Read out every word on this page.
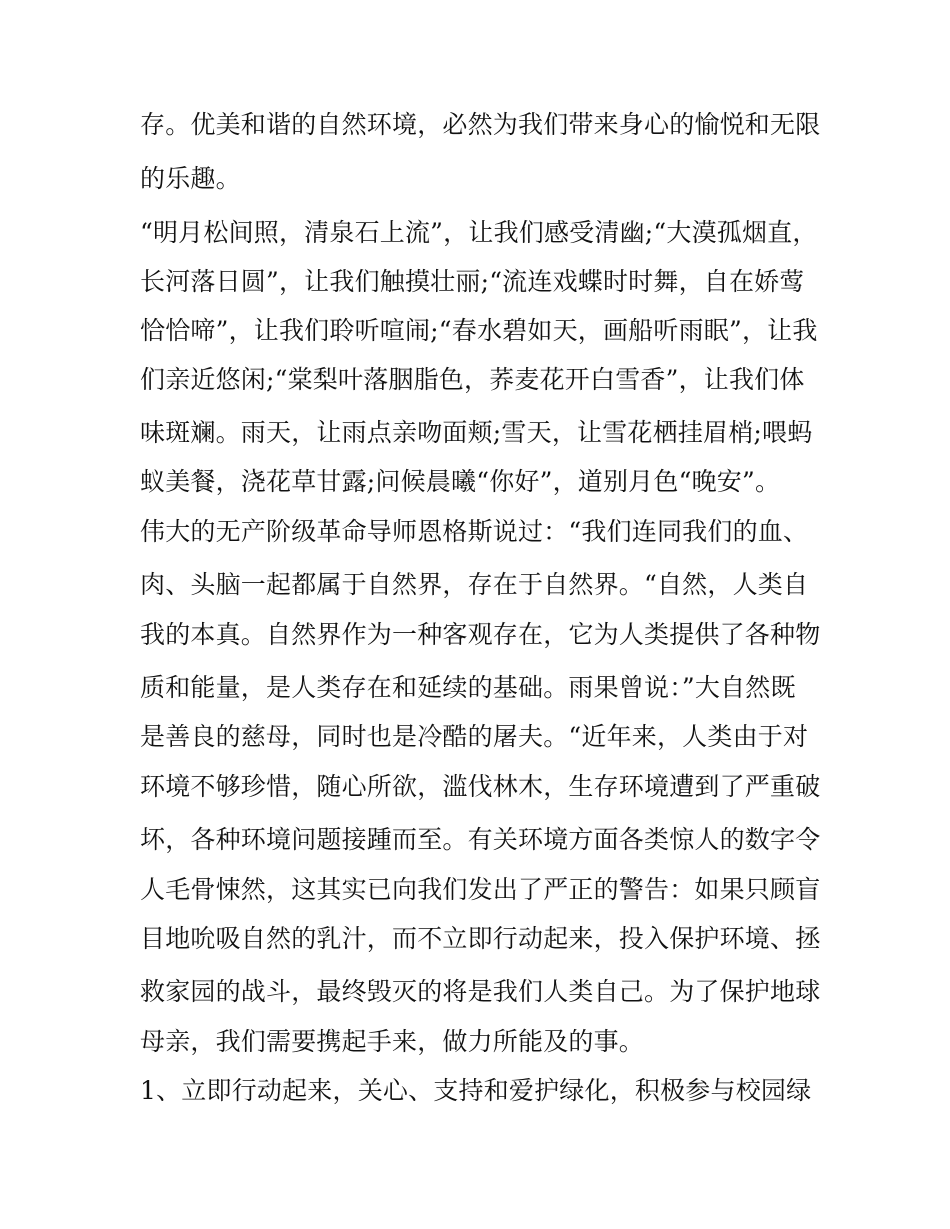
存。优美和谐的自然环境，必然为我们带来身心的愉悦和无限
的乐趣。
“明月松间照，清泉石上流”，让我们感受清幽;“大漠孤烟直，
长河落日圆”，让我们触摸壮丽;“流连戏蝶时时舞，自在娇莺
恰恰啼”，让我们聆听喧闹;“春水碧如天，画船听雨眠”，让我
们亲近悠闲;“棠梨叶落胭脂色，荞麦花开白雪香”，让我们体
味斑斓。雨天，让雨点亲吻面颊;雪天，让雪花栖挂眉梢;喂蚂
蚁美餐，浇花草甘露;问候晨曦“你好”，道别月色“晚安”。
伟大的无产阶级革命导师恩格斯说过：“我们连同我们的血、
肉、头脑一起都属于自然界，存在于自然界。“自然，人类自
我的本真。自然界作为一种客观存在，它为人类提供了各种物
质和能量，是人类存在和延续的基础。雨果曾说：”大自然既
是善良的慈母，同时也是冷酷的屠夫。“近年来，人类由于对
环境不够珍惜，随心所欲，滥伐林木，生存环境遭到了严重破
坏，各种环境问题接踵而至。有关环境方面各类惊人的数字令
人毛骨悚然，这其实已向我们发出了严正的警告：如果只顾盲
目地吮吸自然的乳汁，而不立即行动起来，投入保护环境、拯
救家园的战斗，最终毁灭的将是我们人类自己。为了保护地球
母亲，我们需要携起手来，做力所能及的事。
1、立即行动起来，关心、支持和爱护绿化，积极参与校园绿
